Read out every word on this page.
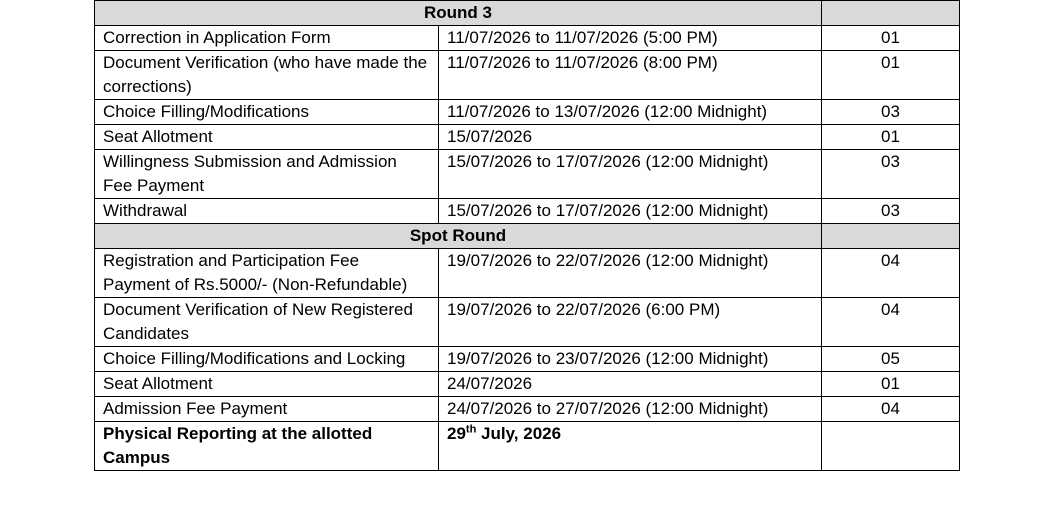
Round 3		
Correction in Application Form	11/07/2026 to 11/07/2026 (5:00 PM)	01
Document Verification (who have made the corrections)	11/07/2026 to 11/07/2026 (8:00 PM)	01
Choice Filling/Modifications	11/07/2026 to 13/07/2026 (12:00 Midnight)	03
Seat Allotment	15/07/2026	01
Willingness Submission and Admission Fee Payment	15/07/2026 to 17/07/2026 (12:00 Midnight)	03
Withdrawal	15/07/2026 to 17/07/2026 (12:00 Midnight)	03
Spot Round		
Registration and Participation Fee Payment of Rs.5000/- (Non-Refundable)	19/07/2026 to 22/07/2026 (12:00 Midnight)	04
Document Verification of New Registered Candidates	19/07/2026 to 22/07/2026 (6:00 PM)	04
Choice Filling/Modifications and Locking	19/07/2026 to 23/07/2026 (12:00 Midnight)	05
Seat Allotment	24/07/2026	01
Admission Fee Payment	24/07/2026 to 27/07/2026 (12:00 Midnight)	04
Physical Reporting at the allotted Campus	29th July, 2026	
